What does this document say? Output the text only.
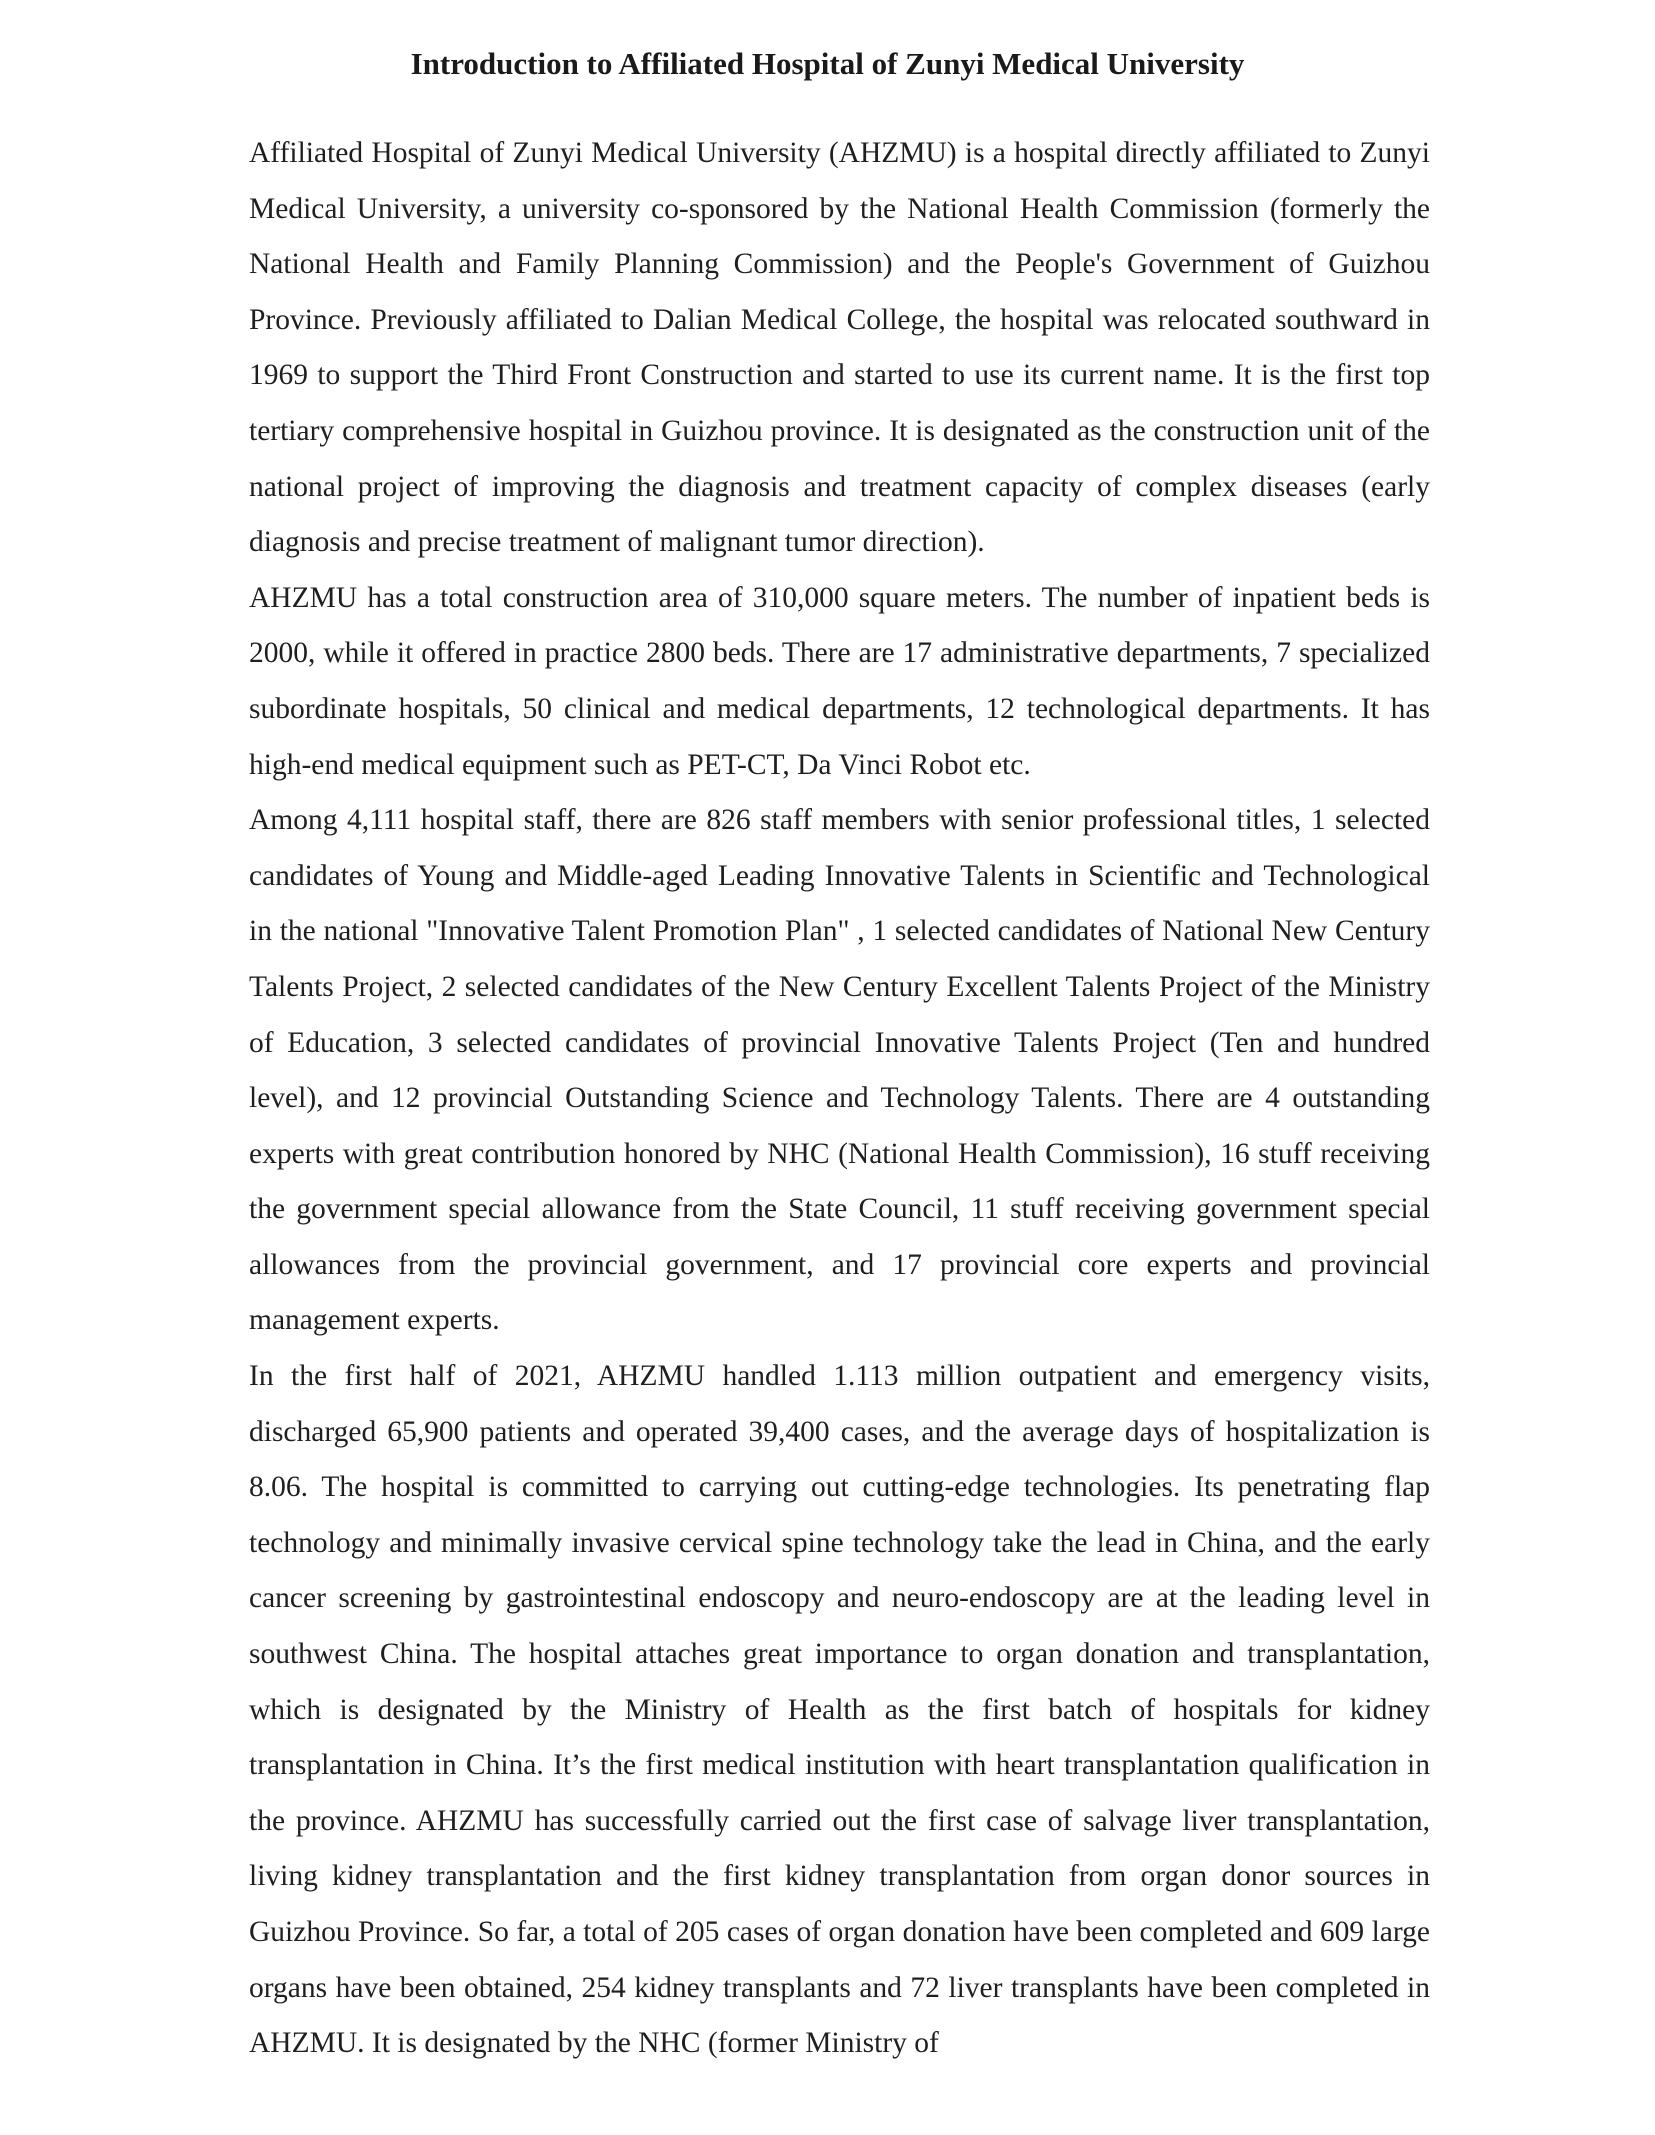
Introduction to Affiliated Hospital of Zunyi Medical University

Affiliated Hospital of Zunyi Medical University (AHZMU) is a hospital directly affiliated to Zunyi Medical University, a university co-sponsored by the National Health Commission (formerly the National Health and Family Planning Commission) and the People's Government of Guizhou Province. Previously affiliated to Dalian Medical College, the hospital was relocated southward in 1969 to support the Third Front Construction and started to use its current name. It is the first top tertiary comprehensive hospital in Guizhou province. It is designated as the construction unit of the national project of improving the diagnosis and treatment capacity of complex diseases (early diagnosis and precise treatment of malignant tumor direction).

AHZMU has a total construction area of 310,000 square meters. The number of inpatient beds is 2000, while it offered in practice 2800 beds. There are 17 administrative departments, 7 specialized subordinate hospitals, 50 clinical and medical departments, 12 technological departments. It has high-end medical equipment such as PET-CT, Da Vinci Robot etc.

Among 4,111 hospital staff, there are 826 staff members with senior professional titles, 1 selected candidates of Young and Middle-aged Leading Innovative Talents in Scientific and Technological in the national "Innovative Talent Promotion Plan" , 1 selected candidates of National New Century Talents Project, 2 selected candidates of the New Century Excellent Talents Project of the Ministry of Education, 3 selected candidates of provincial Innovative Talents Project (Ten and hundred level), and 12 provincial Outstanding Science and Technology Talents. There are 4 outstanding experts with great contribution honored by NHC (National Health Commission), 16 stuff receiving the government special allowance from the State Council, 11 stuff receiving government special allowances from the provincial government, and 17 provincial core experts and provincial management experts.

In the first half of 2021, AHZMU handled 1.113 million outpatient and emergency visits, discharged 65,900 patients and operated 39,400 cases, and the average days of hospitalization is 8.06. The hospital is committed to carrying out cutting-edge technologies. Its penetrating flap technology and minimally invasive cervical spine technology take the lead in China, and the early cancer screening by gastrointestinal endoscopy and neuro-endoscopy are at the leading level in southwest China. The hospital attaches great importance to organ donation and transplantation, which is designated by the Ministry of Health as the first batch of hospitals for kidney transplantation in China. It’s the first medical institution with heart transplantation qualification in the province. AHZMU has successfully carried out the first case of salvage liver transplantation, living kidney transplantation and the first kidney transplantation from organ donor sources in Guizhou Province. So far, a total of 205 cases of organ donation have been completed and 609 large organs have been obtained, 254 kidney transplants and 72 liver transplants have been completed in AHZMU. It is designated by the NHC (former Ministry of
